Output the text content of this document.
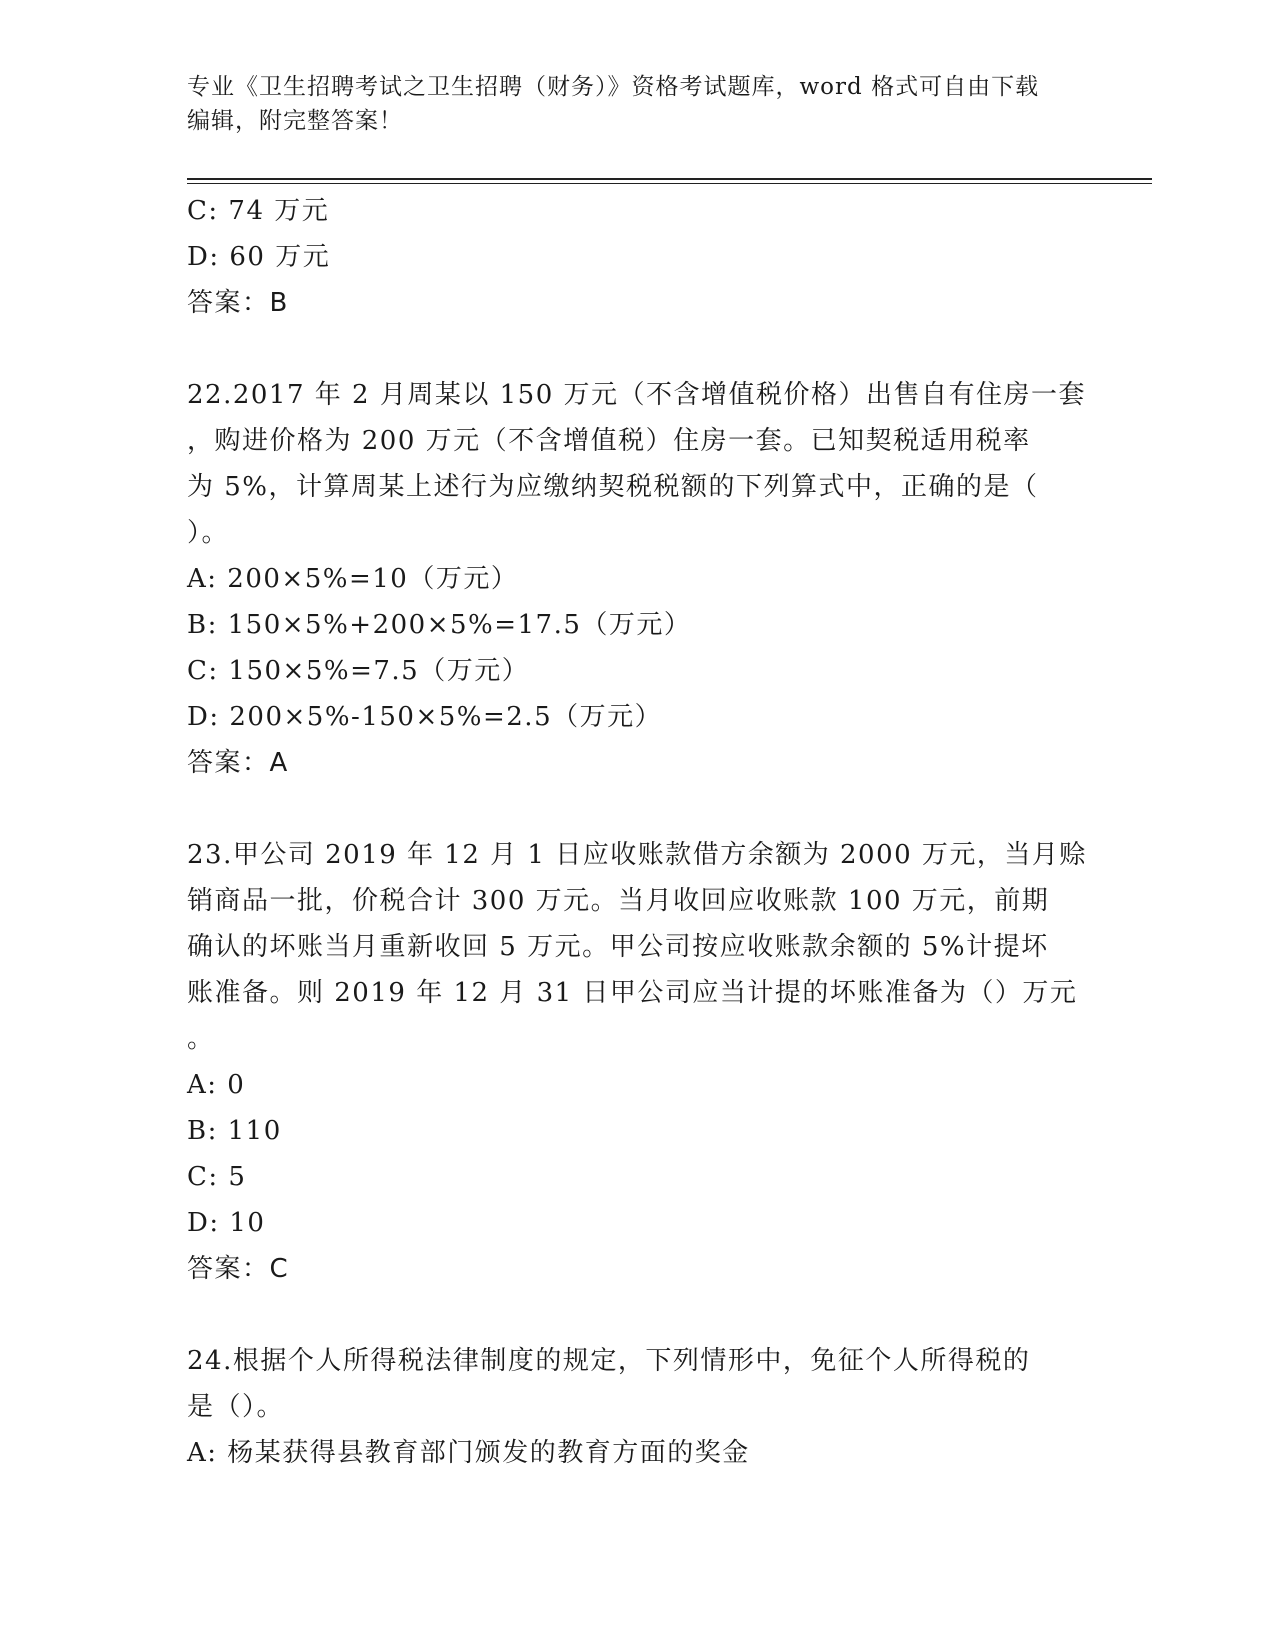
专业《卫生招聘考试之卫生招聘（财务）》资格考试题库，word 格式可自由下载
编辑，附完整答案！
C: 74 万元
D: 60 万元
答案：B
22.2017 年 2 月周某以 150 万元（不含增值税价格）出售自有住房一套
，购进价格为 200 万元（不含增值税）住房一套。已知契税适用税率
为 5%，计算周某上述行为应缴纳契税税额的下列算式中，正确的是（
）。
A: 200×5%=10（万元）
B: 150×5%+200×5%=17.5（万元）
C: 150×5%=7.5（万元）
D: 200×5%-150×5%=2.5（万元）
答案：A
23.甲公司 2019 年 12 月 1 日应收账款借方余额为 2000 万元，当月赊
销商品一批，价税合计 300 万元。当月收回应收账款 100 万元，前期
确认的坏账当月重新收回 5 万元。甲公司按应收账款余额的 5%计提坏
账准备。则 2019 年 12 月 31 日甲公司应当计提的坏账准备为（）万元
。
A: 0
B: 110
C: 5
D: 10
答案：C
24.根据个人所得税法律制度的规定，下列情形中，免征个人所得税的
是（）。
A: 杨某获得县教育部门颁发的教育方面的奖金
